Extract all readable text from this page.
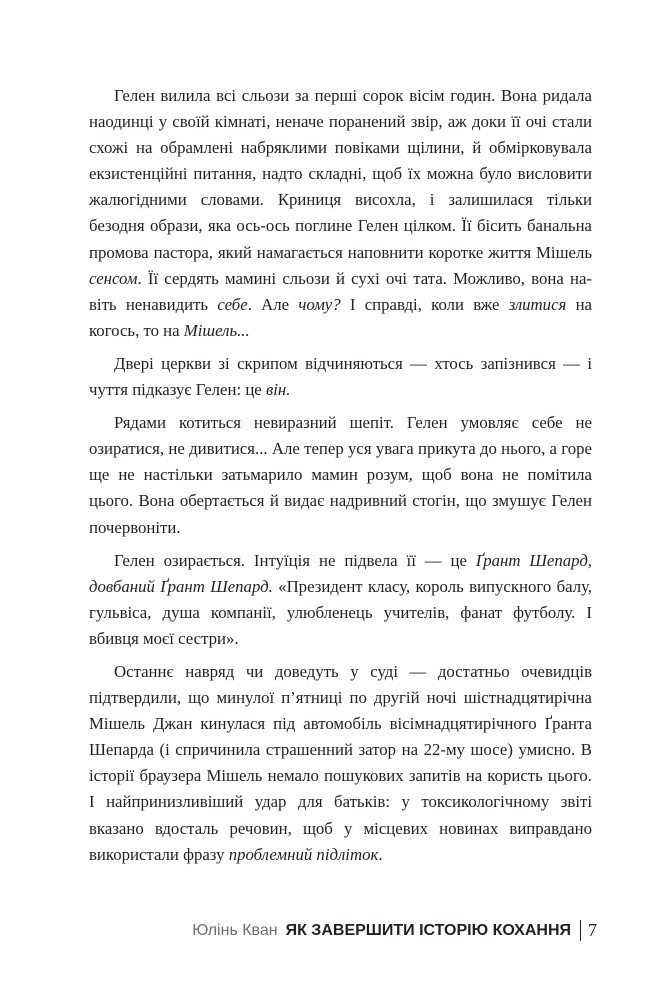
Гелен вилила всі сльози за перші сорок вісім годин. Вона ридала наодинці у своїй кімнаті, неначе поранений звір, аж доки її очі стали схожі на обрамлені набряклими повіками щілини, й обмірковувала екзистенційні питання, надто складні, щоб їх можна було висловити жалюгідними словами. Криниця висохла, і залишилася тільки безодня образи, яка ось-ось поглине Гелен цілком. Її бісить банальна промова пастора, який намагається наповнити коротке життя Мішель сенсом. Її сердять мамині сльози й сухі очі тата. Можливо, вона навіть ненавидить себе. Але чому? І справді, коли вже злитися на когось, то на Мішель...

Двері церкви зі скрипом відчиняються — хтось запізнився — і чуття підказує Гелен: це він.

Рядами котиться невиразний шепіт. Гелен умовляє себе не озиратися, не дивитися... Але тепер уся увага прикута до нього, а горе ще не настільки затьмарило мамин розум, щоб вона не помітила цього. Вона обертається й видає надривний стогін, що змушує Гелен почервоніти.

Гелен озирається. Інтуїція не підвела її — це Ґрант Шепард, довбаний Ґрант Шепард. «Президент класу, король випускного балу, гульвіса, душа компанії, улюбленець учителів, фанат футболу. І вбивця моєї сестри».

Останнє навряд чи доведуть у суді — достатньо очевидців підтвердили, що минулої п’ятниці по другій ночі шістнадцятирічна Мішель Джан кинулася під автомобіль вісімнадцятирічного Ґранта Шепарда (і спричинила страшенний затор на 22-му шосе) умисно. В історії браузера Мішель немало пошукових запитів на користь цього. І найпринизливіший удар для батьків: у токсикологічному звіті вказано вдосталь речовин, щоб у місцевих новинах виправдано використали фразу проблемний підліток.

Юлінь Кван ЯК ЗАВЕРШИТИ ІСТОРІЮ КОХАННЯ 7
